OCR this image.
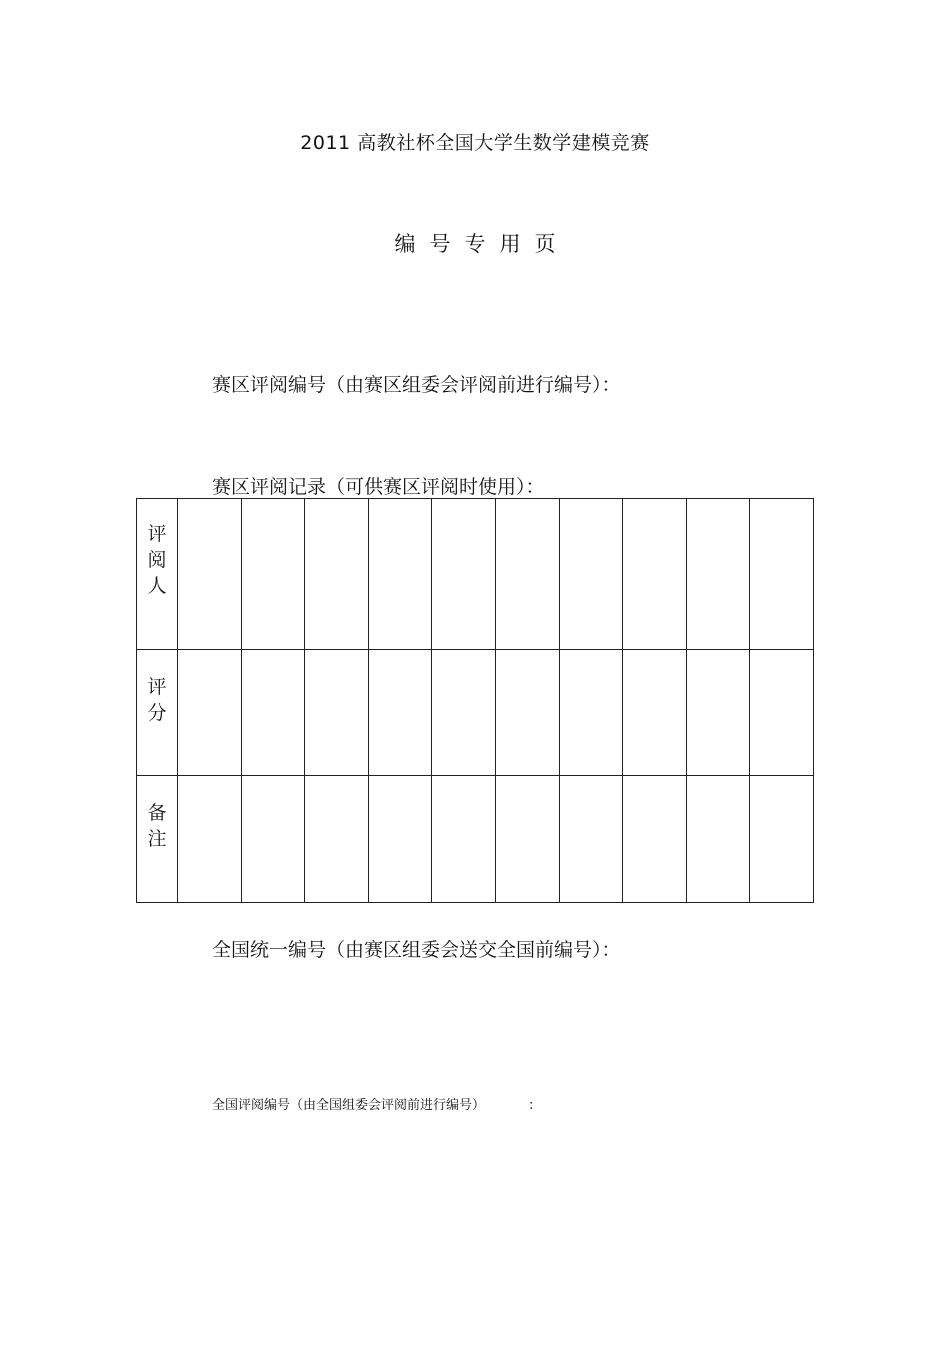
2011 高教社杯全国大学生数学建模竞赛
编号专用页
赛区评阅编号（由赛区组委会评阅前进行编号）：
赛区评阅记录（可供赛区评阅时使用）：
评阅人										

评分										

备注										

全国统一编号（由赛区组委会送交全国前编号）：
全国评阅编号（由全国组委会评阅前进行编号）	:
